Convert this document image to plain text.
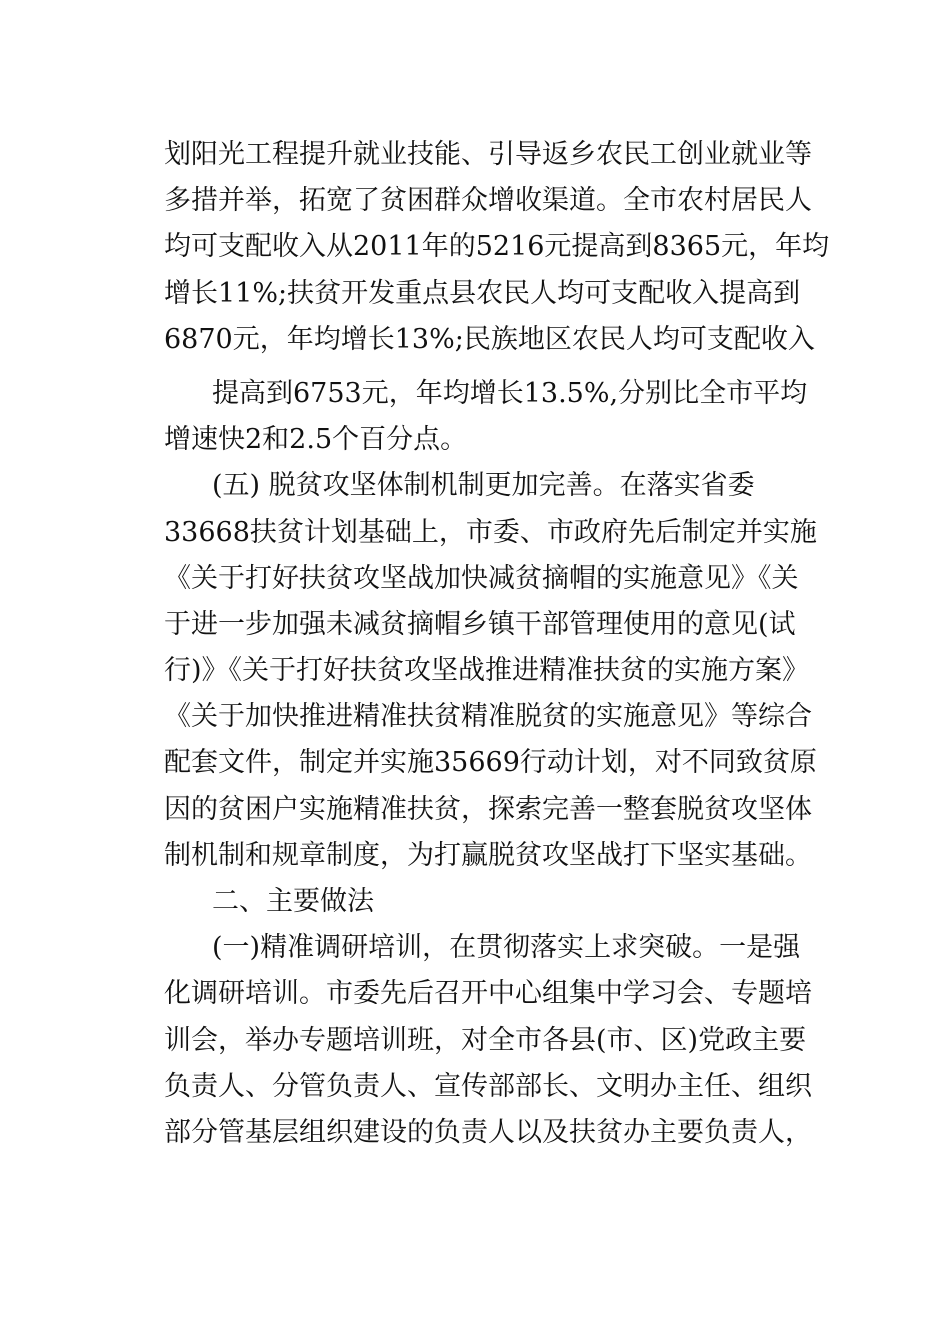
划阳光工程提升就业技能、引导返乡农民工创业就业等
多措并举，拓宽了贫困群众增收渠道。全市农村居民人
均可支配收入从2011年的5216元提高到8365元，年均
增长11%;扶贫开发重点县农民人均可支配收入提高到
6870元，年均增长13%;民族地区农民人均可支配收入
提高到6753元，年均增长13.5%,分别比全市平均
增速快2和2.5个百分点。
(五) 脱贫攻坚体制机制更加完善。在落实省委
33668扶贫计划基础上，市委、市政府先后制定并实施
《关于打好扶贫攻坚战加快减贫摘帽的实施意见》《关
于进一步加强未减贫摘帽乡镇干部管理使用的意见(试
行)》《关于打好扶贫攻坚战推进精准扶贫的实施方案》
《关于加快推进精准扶贫精准脱贫的实施意见》等综合
配套文件，制定并实施35669行动计划，对不同致贫原
因的贫困户实施精准扶贫，探索完善一整套脱贫攻坚体
制机制和规章制度，为打赢脱贫攻坚战打下坚实基础。
二、主要做法
(一)精准调研培训，在贯彻落实上求突破。一是强
化调研培训。市委先后召开中心组集中学习会、专题培
训会，举办专题培训班，对全市各县(市、区)党政主要
负责人、分管负责人、宣传部部长、文明办主任、组织
部分管基层组织建设的负责人以及扶贫办主要负责人，
